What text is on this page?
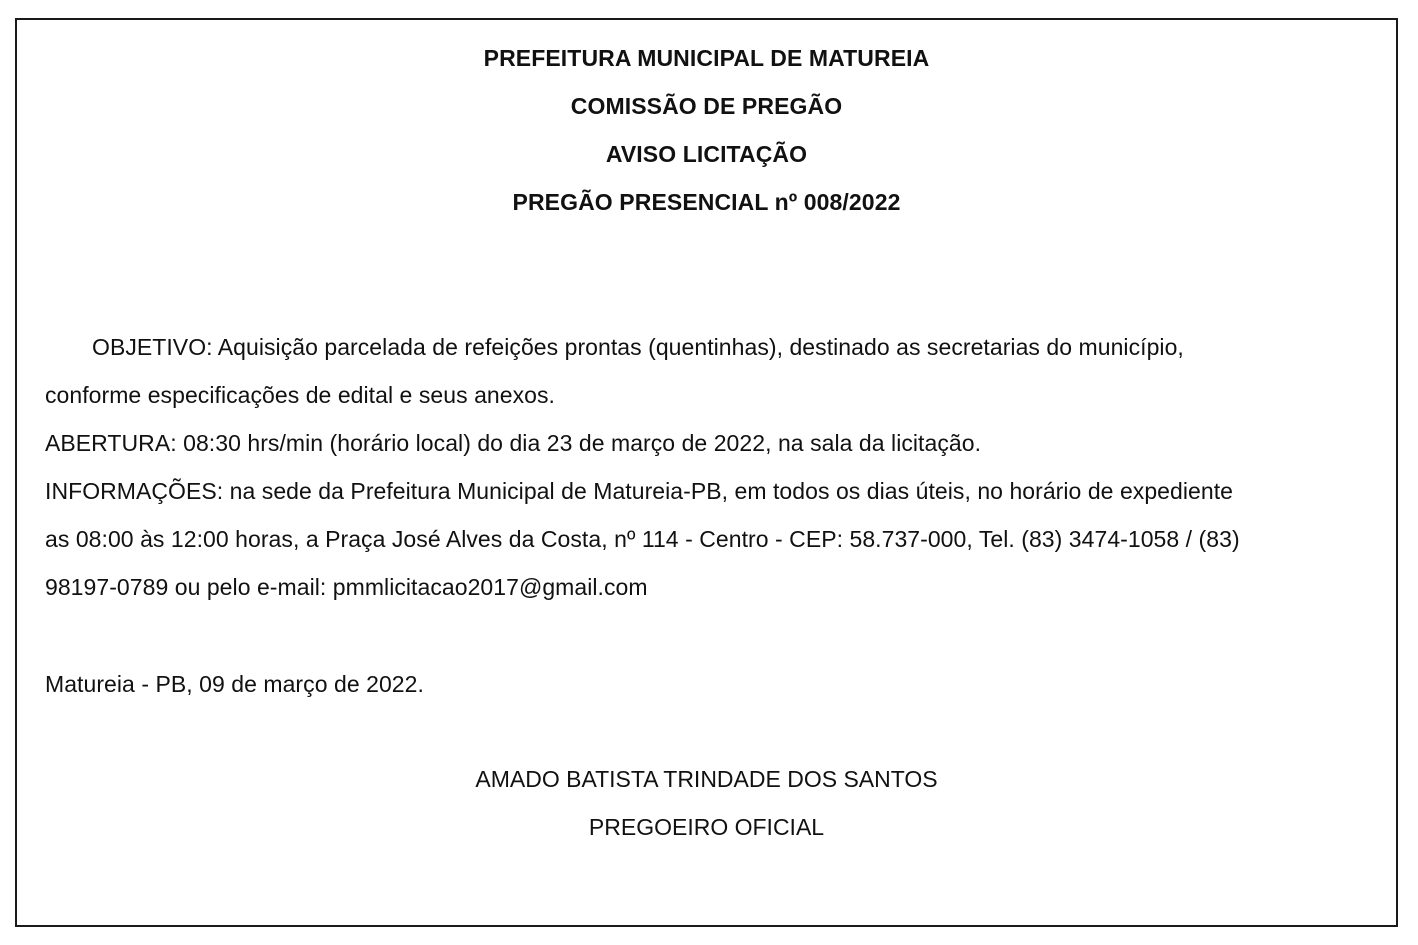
PREFEITURA MUNICIPAL DE MATUREIA
COMISSÃO DE PREGÃO
AVISO LICITAÇÃO
PREGÃO PRESENCIAL nº 008/2022
OBJETIVO: Aquisição parcelada de refeições prontas (quentinhas), destinado as secretarias do município,
conforme especificações de edital e seus anexos.
ABERTURA: 08:30 hrs/min (horário local) do dia 23 de março de 2022, na sala da licitação.
INFORMAÇÕES: na sede da Prefeitura Municipal de Matureia-PB, em todos os dias úteis, no horário de expediente
as 08:00 às 12:00 horas, a Praça José Alves da Costa, nº 114 - Centro - CEP: 58.737-000, Tel. (83) 3474-1058 / (83)
98197-0789 ou pelo e-mail: pmmlicitacao2017@gmail.com
Matureia - PB, 09 de março de 2022.
AMADO BATISTA TRINDADE DOS SANTOS
PREGOEIRO OFICIAL
